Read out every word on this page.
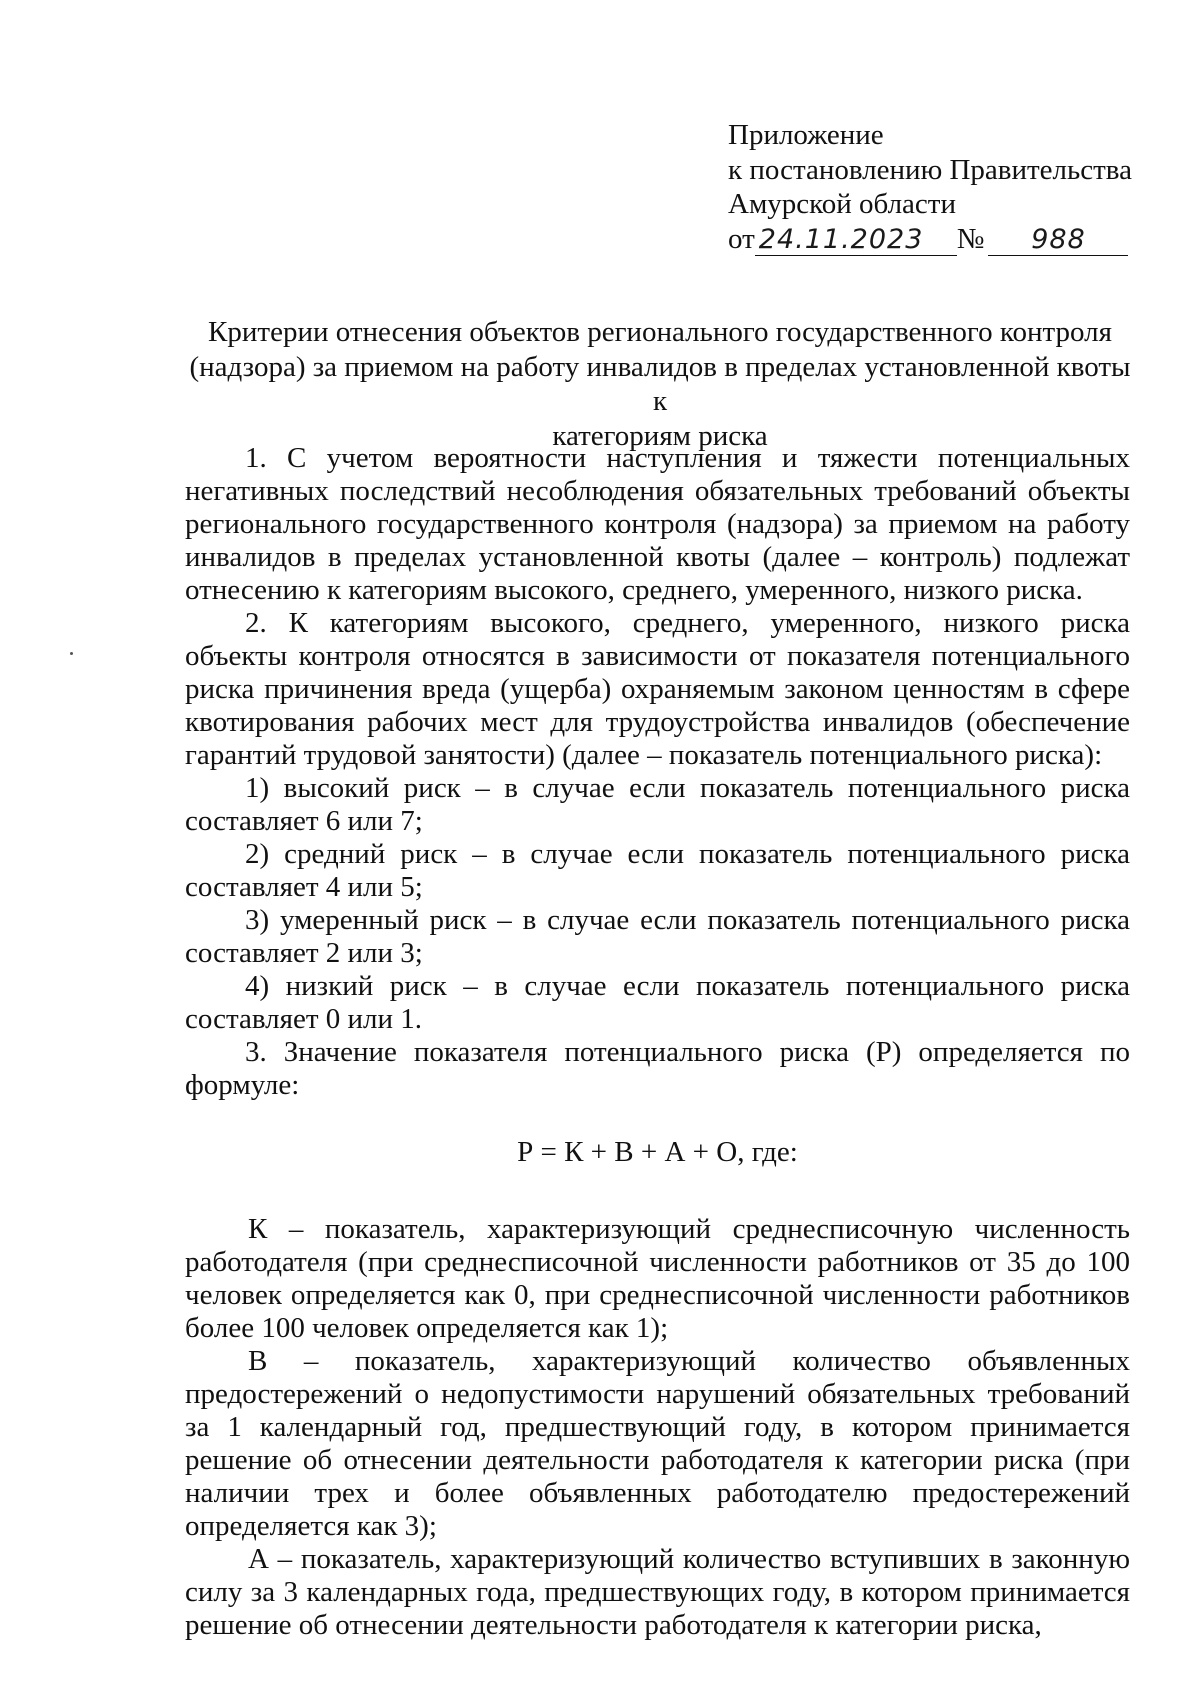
Приложение
к постановлению Правительства
Амурской области
от 24.11.2023	№	988
Критерии отнесения объектов регионального государственного контроля
(надзора) за приемом на работу инвалидов в пределах установленной квоты к
категориям риска

1. С учетом вероятности наступления и тяжести потенциальных негативных последствий несоблюдения обязательных требований объекты регионального государственного контроля (надзора) за приемом на работу инвалидов в пределах установленной квоты (далее – контроль) подлежат отнесению к категориям высокого, среднего, умеренного, низкого риска.

2. К категориям высокого, среднего, умеренного, низкого риска объекты контроля относятся в зависимости от показателя потенциального риска причинения вреда (ущерба) охраняемым законом ценностям в сфере квотирования рабочих мест для трудоустройства инвалидов (обеспечение гарантий трудовой занятости) (далее – показатель потенциального риска):

1) высокий риск – в случае если показатель потенциального риска составляет 6 или 7;

2) средний риск – в случае если показатель потенциального риска составляет 4 или 5;

3) умеренный риск – в случае если показатель потенциального риска составляет 2 или 3;

4) низкий риск – в случае если показатель потенциального риска составляет 0 или 1.

3. Значение показателя потенциального риска (Р) определяется по формуле:

Р = К + В + А + О, где:

К – показатель, характеризующий среднесписочную численность работодателя (при среднесписочной численности работников от 35 до 100 человек определяется как 0, при среднесписочной численности работников более 100 человек определяется как 1);

В – показатель, характеризующий количество объявленных предостережений о недопустимости нарушений обязательных требований за 1 календарный год, предшествующий году, в котором принимается решение об отнесении деятельности работодателя к категории риска (при наличии трех и более объявленных работодателю предостережений определяется как 3);

А – показатель, характеризующий количество вступивших в законную силу за 3 календарных года, предшествующих году, в котором принимается решение об отнесении деятельности работодателя к категории риска,
